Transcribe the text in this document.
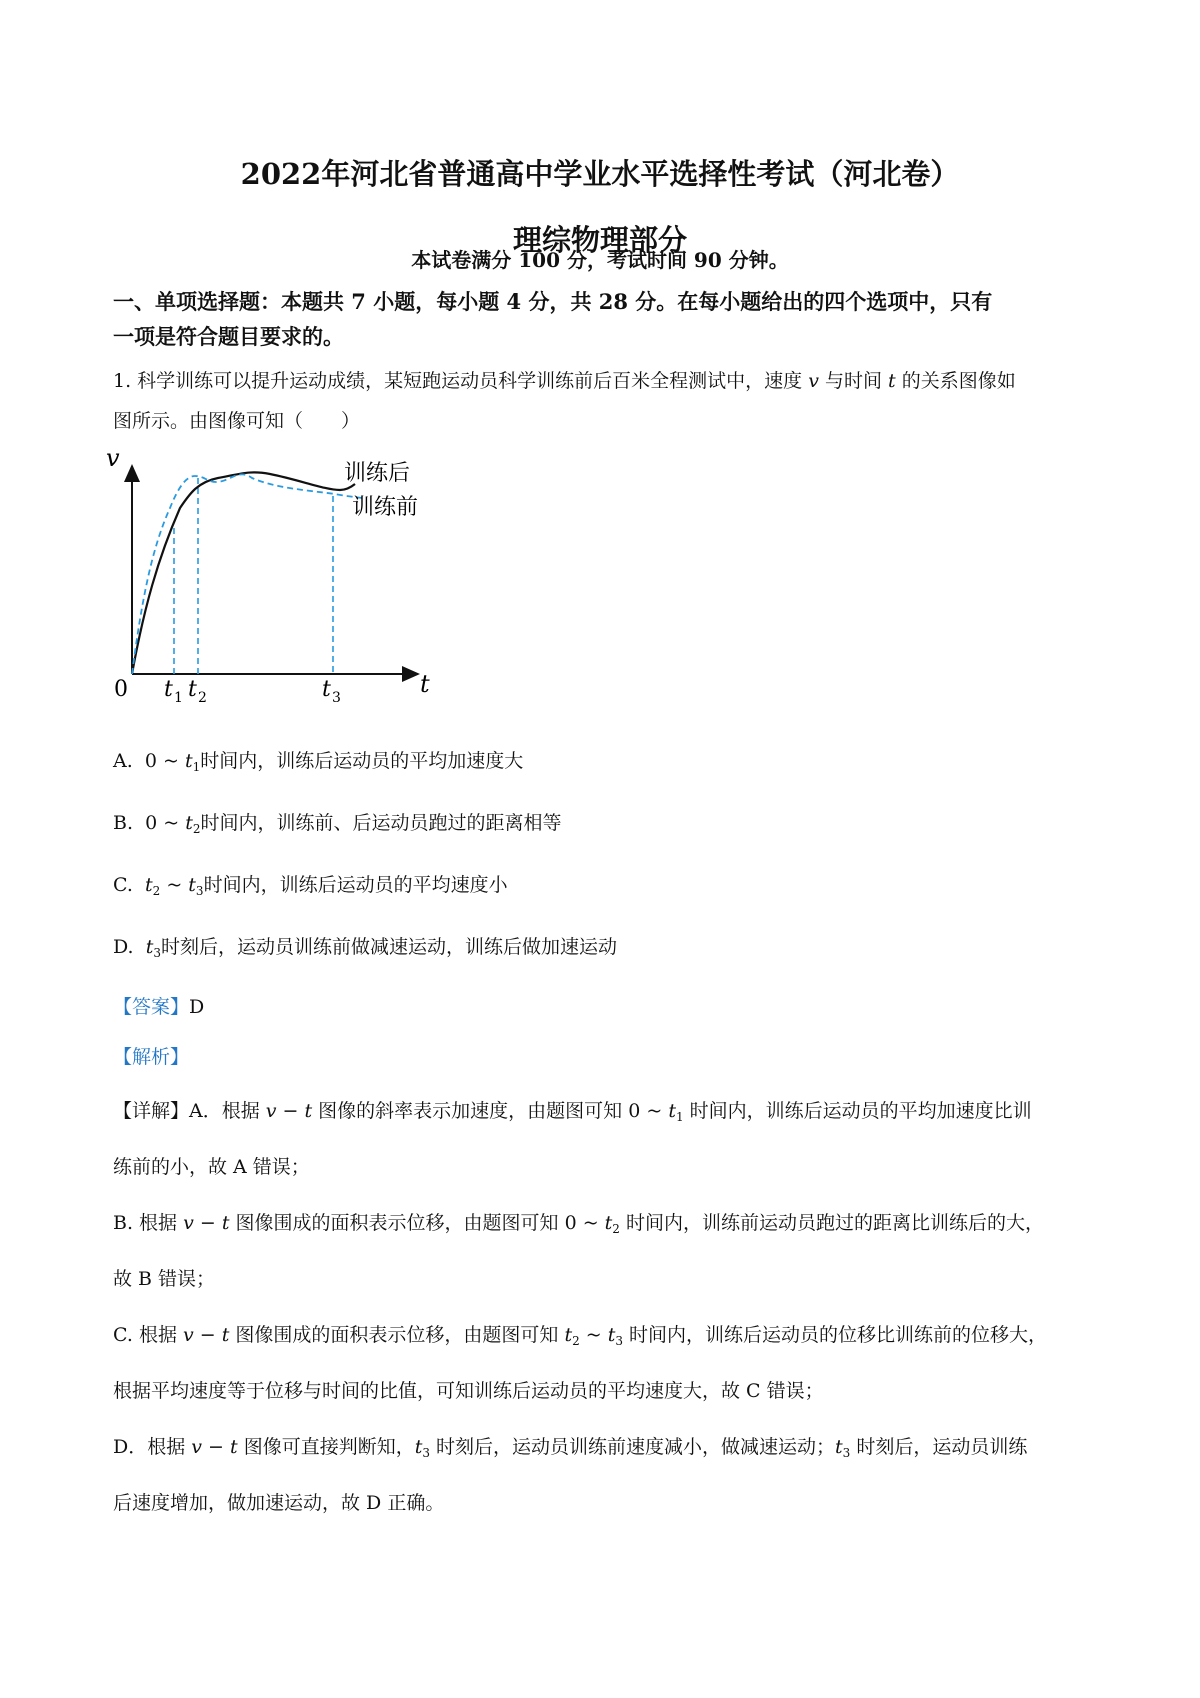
2022年河北省普通高中学业水平选择性考试（河北卷）
理综物理部分
本试卷满分 100 分，考试时间 90 分钟。
一、单项选择题：本题共 7 小题，每小题 4 分，共 28 分。在每小题给出的四个选项中，只有
一项是符合题目要求的。
1. 科学训练可以提升运动成绩，某短跑运动员科学训练前后百米全程测试中，速度 v 与时间 t 的关系图像如
图所示。由图像可知（　　）
v
t
0 t 1 t 2	t 3
训练后
训练前
A. 0 ~ $t_1$时间内，训练后运动员的平均加速度大
B. 0 ~ $t_2$时间内，训练前、后运动员跑过的距离相等
C. $t_2$ ~ $t_3$时间内，训练后运动员的平均速度小
D. $t_3$时刻后，运动员训练前做减速运动，训练后做加速运动
【答案】D
【解析】
【详解】A．根据 v − t 图像的斜率表示加速度，由题图可知 0 ~ $t_1$ 时间内，训练后运动员的平均加速度比训
练前的小，故 A 错误；
B. 根据 v − t 图像围成的面积表示位移，由题图可知 0 ~ $t_2$ 时间内，训练前运动员跑过的距离比训练后的大，
故 B 错误；
C. 根据 v − t 图像围成的面积表示位移，由题图可知 $t_2$ ~ $t_3$ 时间内，训练后运动员的位移比训练前的位移大，
根据平均速度等于位移与时间的比值，可知训练后运动员的平均速度大，故 C 错误；
D．根据 v − t 图像可直接判断知，$t_3$ 时刻后，运动员训练前速度减小，做减速运动；$t_3$ 时刻后，运动员训练
后速度增加，做加速运动，故 D 正确。
